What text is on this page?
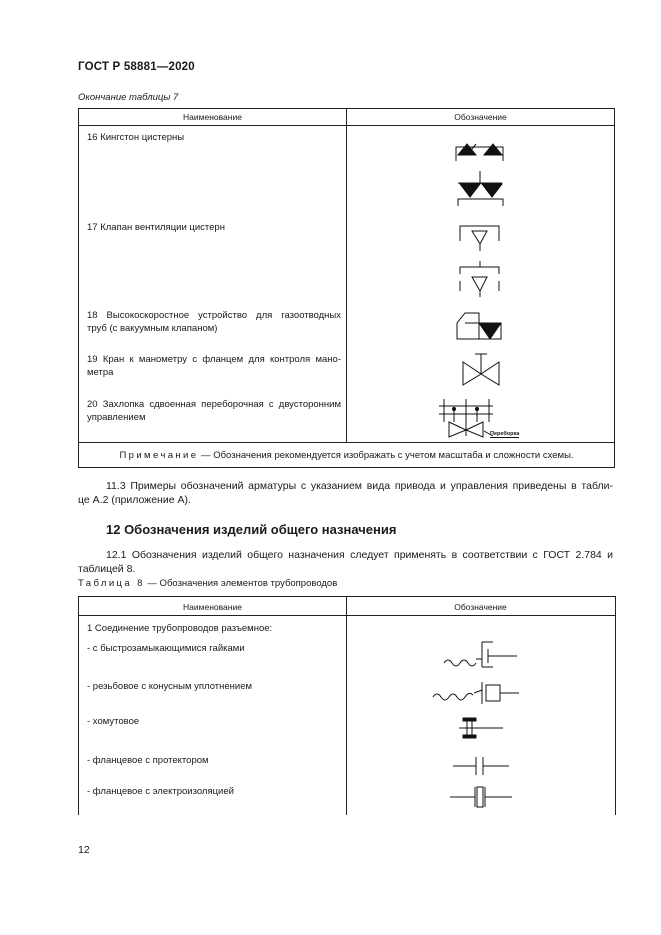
ГОСТ Р 58881—2020
Окончание таблицы 7
Наименование	Обозначение
16 Кингстон цистерны
17 Клапан вентиляции цистерн
18 Высокоскоростное устройство для газоотводных
труб (с вакуумным клапаном)
19 Кран к манометру с фланцем для контроля мано-
метра
20 Захлопка сдвоенная переборочная с двусторонним
управлением
Переборка
Примечание — Обозначения рекомендуется изображать с учетом масштаба и сложности схемы.
11.3 Примеры обозначений арматуры с указанием вида привода и управления приведены в табли-
це А.2 (приложение А).
12 Обозначения изделий общего назначения
12.1 Обозначения изделий общего назначения следует применять в соответствии с ГОСТ 2.784 и
таблицей 8.
Таблица 8 — Обозначения элементов трубопроводов
Наименование	Обозначение
1 Соединение трубопроводов разъемное:
- с быстрозамыкающимися гайками
- резьбовое с конусным уплотнением
- хомутовое
- фланцевое с протектором
- фланцевое с электроизоляцией
12
